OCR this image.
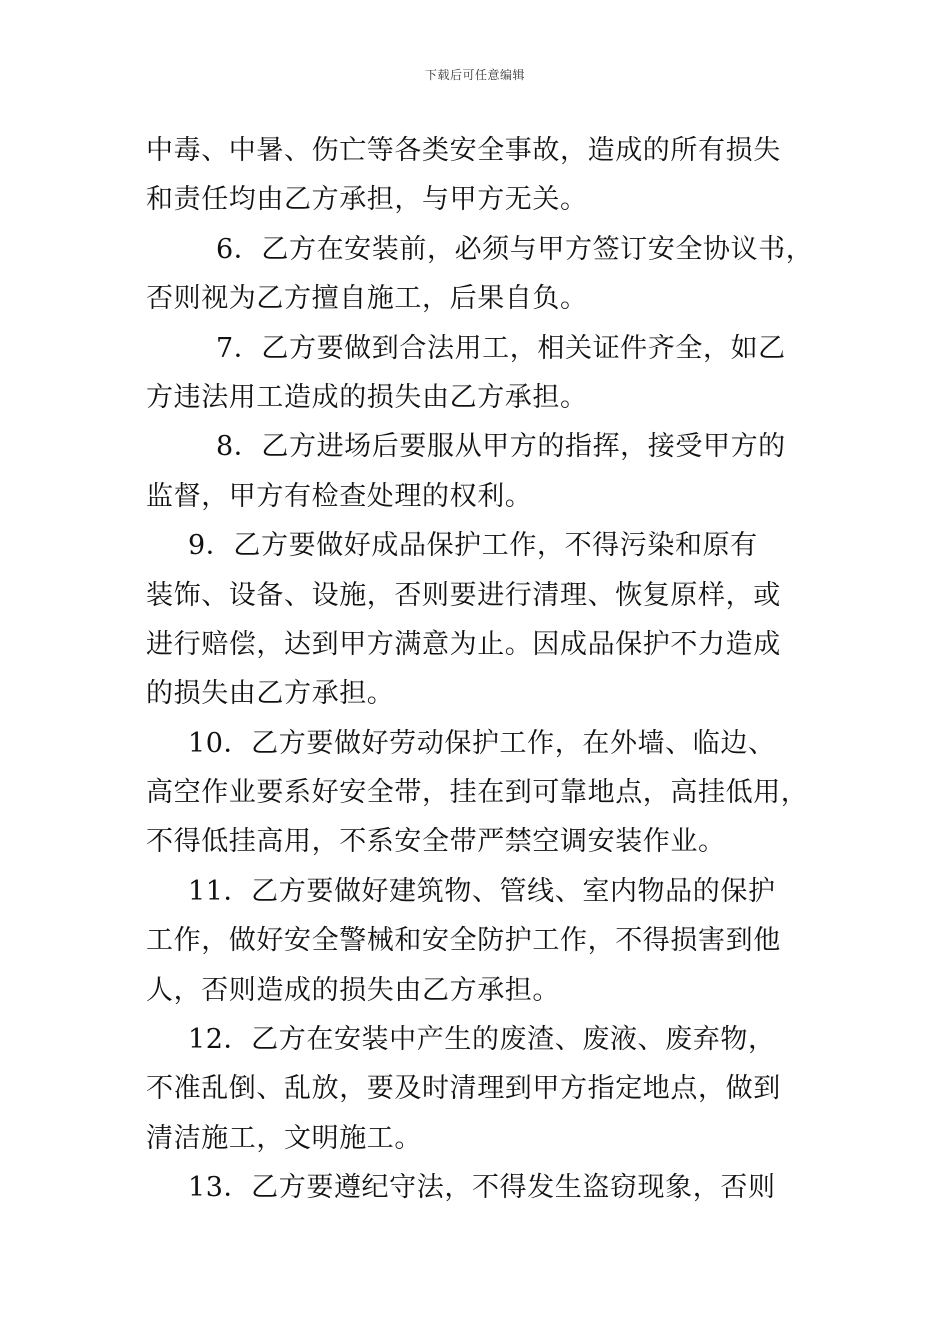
下载后可任意编辑
中毒、中暑、伤亡等各类安全事故，造成的所有损失
和责任均由乙方承担，与甲方无关。
6．乙方在安装前，必须与甲方签订安全协议书，
否则视为乙方擅自施工，后果自负。
7．乙方要做到合法用工，相关证件齐全，如乙
方违法用工造成的损失由乙方承担。
8．乙方进场后要服从甲方的指挥，接受甲方的
监督，甲方有检查处理的权利。
9．乙方要做好成品保护工作，不得污染和原有
装饰、设备、设施，否则要进行清理、恢复原样，或
进行赔偿，达到甲方满意为止。因成品保护不力造成
的损失由乙方承担。
10．乙方要做好劳动保护工作，在外墙、临边、
高空作业要系好安全带，挂在到可靠地点，高挂低用，
不得低挂高用，不系安全带严禁空调安装作业。
11．乙方要做好建筑物、管线、室内物品的保护
工作，做好安全警械和安全防护工作，不得损害到他
人，否则造成的损失由乙方承担。
12．乙方在安装中产生的废渣、废液、废弃物，
不准乱倒、乱放，要及时清理到甲方指定地点，做到
清洁施工，文明施工。
13．乙方要遵纪守法，不得发生盗窃现象，否则
